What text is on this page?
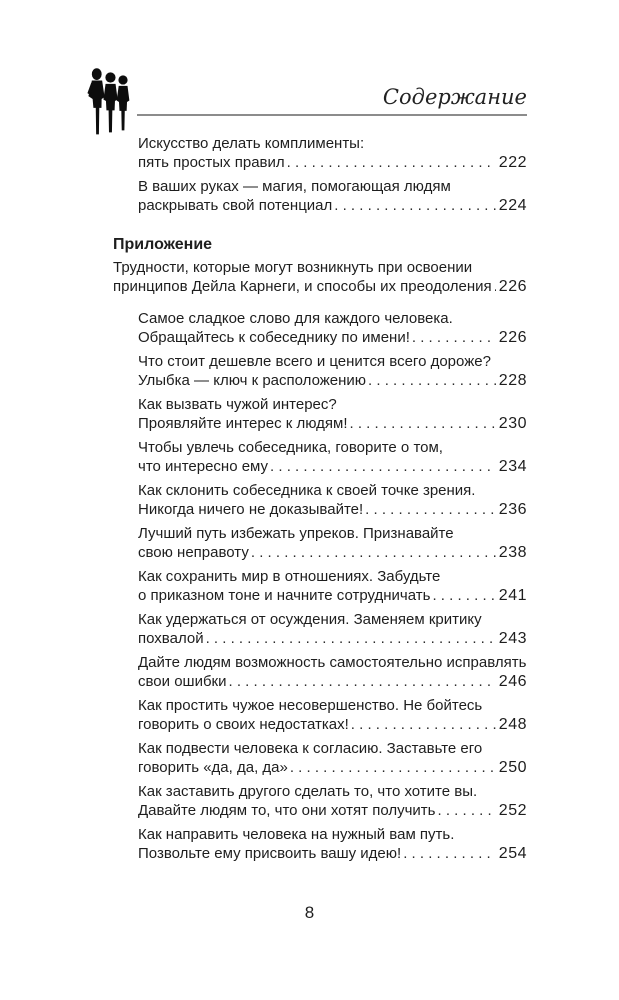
Содержание
Искусство делать комплименты:
пять простых правил . . .	222
В ваших руках — магия, помогающая людям
раскрывать свой потенциал . . .	224
Приложение
Трудности, которые могут возникнуть при освоении
принципов Дейла Карнеги, и способы их преодоления . . . 226
Самое сладкое слово для каждого человека.
Обращайтесь к собеседнику по имени! . . .	226
Что стоит дешевле всего и ценится всего дороже?
Улыбка — ключ к расположению . . .	228
Как вызвать чужой интерес?
Проявляйте интерес к людям! . . .	230
Чтобы увлечь собеседника, говорите о том,
что интересно ему . . .	234
Как склонить собеседника к своей точке зрения.
Никогда ничего не доказывайте! . . .	236
Лучший путь избежать упреков. Признавайте
свою неправоту . . .	238
Как сохранить мир в отношениях. Забудьте
о приказном тоне и начните сотрудничать . . .	241
Как удержаться от осуждения. Заменяем критику
похвалой . . .	243
Дайте людям возможность самостоятельно исправлять
свои ошибки . . .	246
Как простить чужое несовершенство. Не бойтесь
говорить о своих недостатках! . . .	248
Как подвести человека к согласию. Заставьте его
говорить «да, да, да» . . .	250
Как заставить другого сделать то, что хотите вы.
Давайте людям то, что они хотят получить . . .	252
Как направить человека на нужный вам путь.
Позвольте ему присвоить вашу идею! . . .	254
8
